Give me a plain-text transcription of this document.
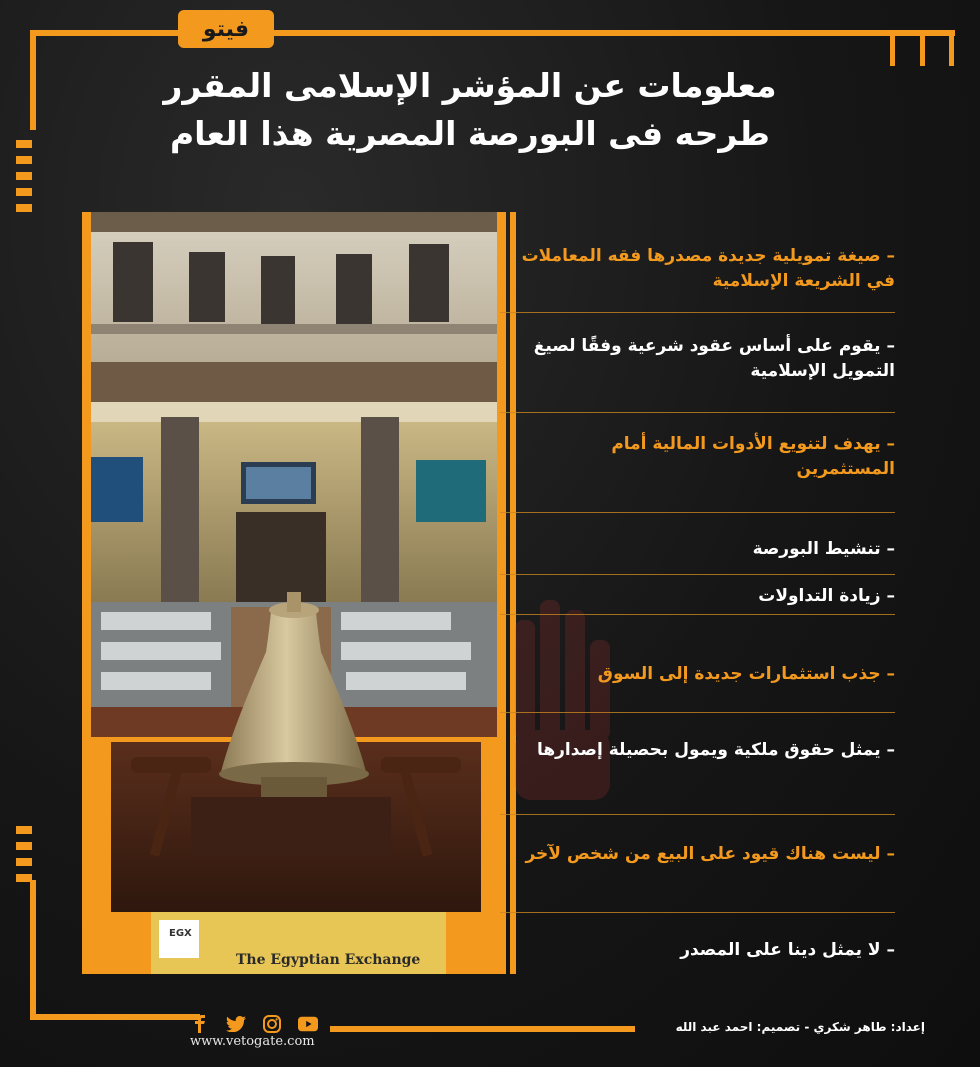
فيتو
معلومات عن المؤشر الإسلامى المقرر
طرحه فى البورصة المصرية هذا العام
EGX
The Egyptian Exchange
– صيغة تمويلية جديدة مصدرها فقه المعاملات في الشريعة الإسلامية
– يقوم على أساس عقود شرعية وفقًا لصيغ التمويل الإسلامية
– يهدف لتنويع الأدوات المالية أمام المستثمرين
– تنشيط البورصة
– زيادة التداولات
– جذب استثمارات جديدة إلى السوق
– يمثل حقوق ملكية ويمول بحصيلة إصدارها
– ليست هناك قيود على البيع من شخص لآخر
– لا يمثل دينا على المصدر
www.vetogate.com
إعداد: طاهر شكري - تصميم: احمد عبد الله
